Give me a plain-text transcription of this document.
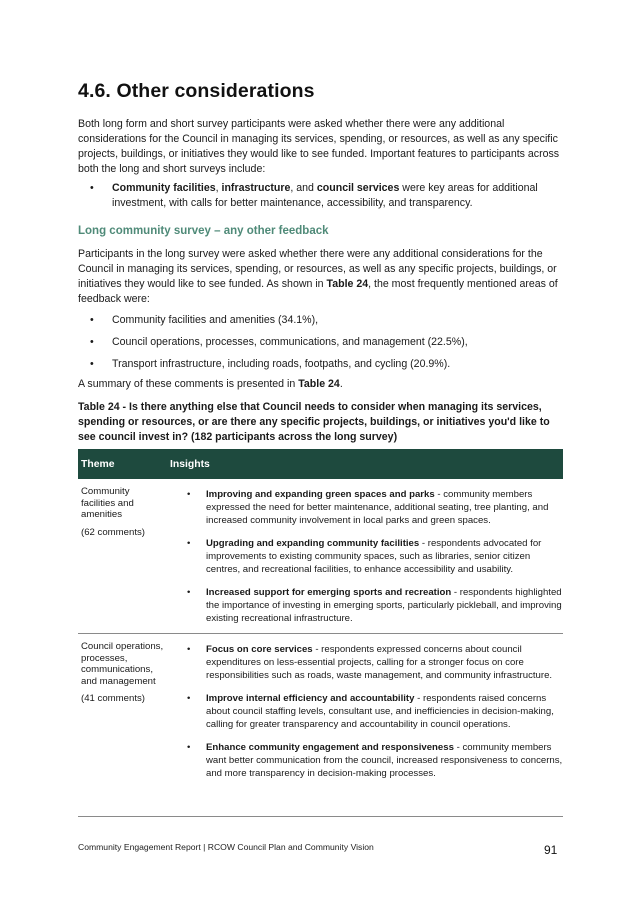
4.6. Other considerations

Both long form and short survey participants were asked whether there were any additional considerations for the Council in managing its services, spending, or resources, as well as any specific projects, buildings, or initiatives they would like to see funded. Important features to participants across both the long and short surveys include:

• Community facilities, infrastructure, and council services were key areas for additional investment, with calls for better maintenance, accessibility, and transparency.
Long community survey – any other feedback

Participants in the long survey were asked whether there were any additional considerations for the Council in managing its services, spending, or resources, as well as any specific projects, buildings, or initiatives they would like to see funded. As shown in Table 24, the most frequently mentioned areas of feedback were:

• Community facilities and amenities (34.1%),
• Council operations, processes, communications, and management (22.5%),
• Transport infrastructure, including roads, footpaths, and cycling (20.9%).

A summary of these comments is presented in Table 24.

Table 24 - Is there anything else that Council needs to consider when managing its services, spending or resources, or are there any specific projects, buildings, or initiatives you'd like to see council invest in? (182 participants across the long survey)

Theme	Insights
Community facilities and amenities
(62 comments)
• Improving and expanding green spaces and parks - community members expressed the need for better maintenance, additional seating, tree planting, and increased community involvement in local parks and green spaces.
• Upgrading and expanding community facilities - respondents advocated for improvements to existing community spaces, such as libraries, senior citizen centres, and recreational facilities, to enhance accessibility and usability.
• Increased support for emerging sports and recreation - respondents highlighted the importance of investing in emerging sports, particularly pickleball, and improving existing recreational infrastructure.
Council operations, processes, communications, and management
(41 comments)
• Focus on core services - respondents expressed concerns about council expenditures on less-essential projects, calling for a stronger focus on core responsibilities such as roads, waste management, and community infrastructure.
• Improve internal efficiency and accountability - respondents raised concerns about council staffing levels, consultant use, and inefficiencies in decision-making, calling for greater transparency and accountability in council operations.
• Enhance community engagement and responsiveness - community members want better communication from the council, increased responsiveness to concerns, and more transparency in decision-making processes.
Community Engagement Report | RCOW Council Plan and Community Vision	91
